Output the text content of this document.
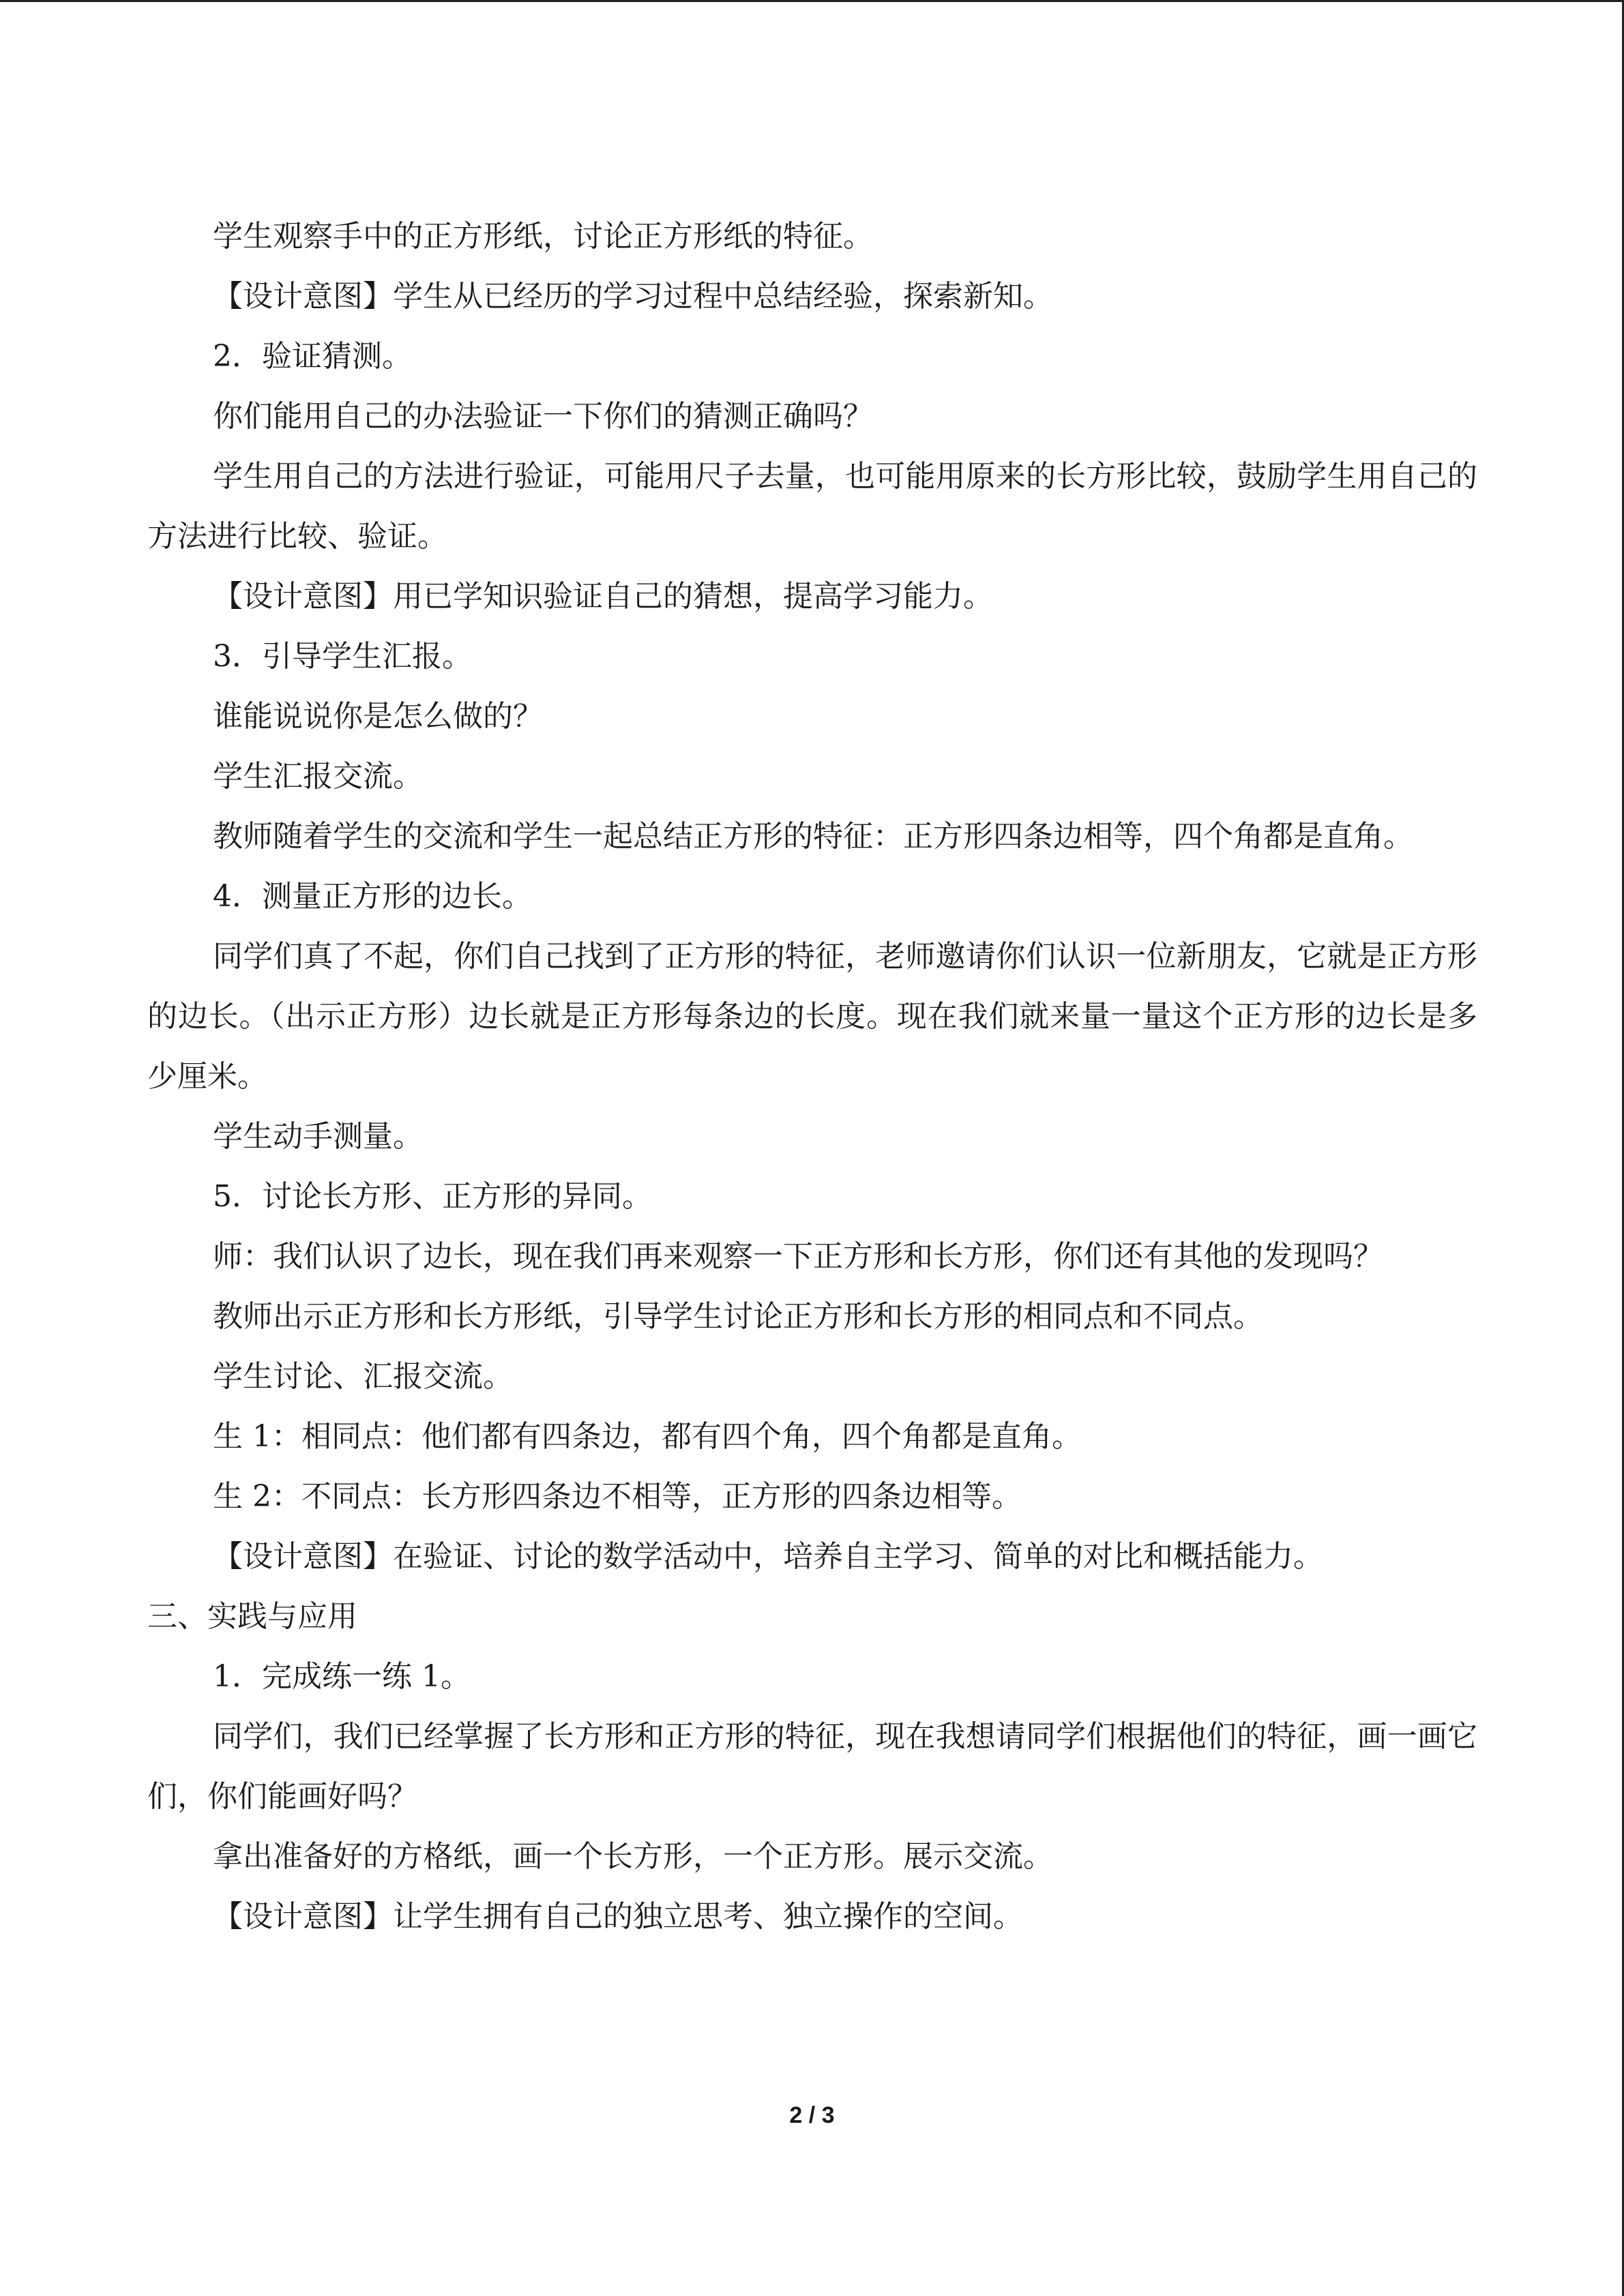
学生观察手中的正方形纸，讨论正方形纸的特征。

【设计意图】学生从已经历的学习过程中总结经验，探索新知。

2．验证猜测。

你们能用自己的办法验证一下你们的猜测正确吗？

学生用自己的方法进行验证，可能用尺子去量，也可能用原来的长方形比较，鼓励学生用自己的方法进行比较、验证。

【设计意图】用已学知识验证自己的猜想，提高学习能力。

3．引导学生汇报。

谁能说说你是怎么做的？

学生汇报交流。

教师随着学生的交流和学生一起总结正方形的特征：正方形四条边相等，四个角都是直角。

4．测量正方形的边长。

同学们真了不起，你们自己找到了正方形的特征，老师邀请你们认识一位新朋友，它就是正方形的边长。（出示正方形）边长就是正方形每条边的长度。现在我们就来量一量这个正方形的边长是多少厘米。

学生动手测量。

5．讨论长方形、正方形的异同。

师：我们认识了边长，现在我们再来观察一下正方形和长方形，你们还有其他的发现吗？

教师出示正方形和长方形纸，引导学生讨论正方形和长方形的相同点和不同点。

学生讨论、汇报交流。

生 1：相同点：他们都有四条边，都有四个角，四个角都是直角。

生 2：不同点：长方形四条边不相等，正方形的四条边相等。

【设计意图】在验证、讨论的数学活动中，培养自主学习、简单的对比和概括能力。

三、实践与应用

1．完成练一练 1。

同学们，我们已经掌握了长方形和正方形的特征，现在我想请同学们根据他们的特征，画一画它们，你们能画好吗？

拿出准备好的方格纸，画一个长方形，一个正方形。展示交流。

【设计意图】让学生拥有自己的独立思考、独立操作的空间。

2 / 3
